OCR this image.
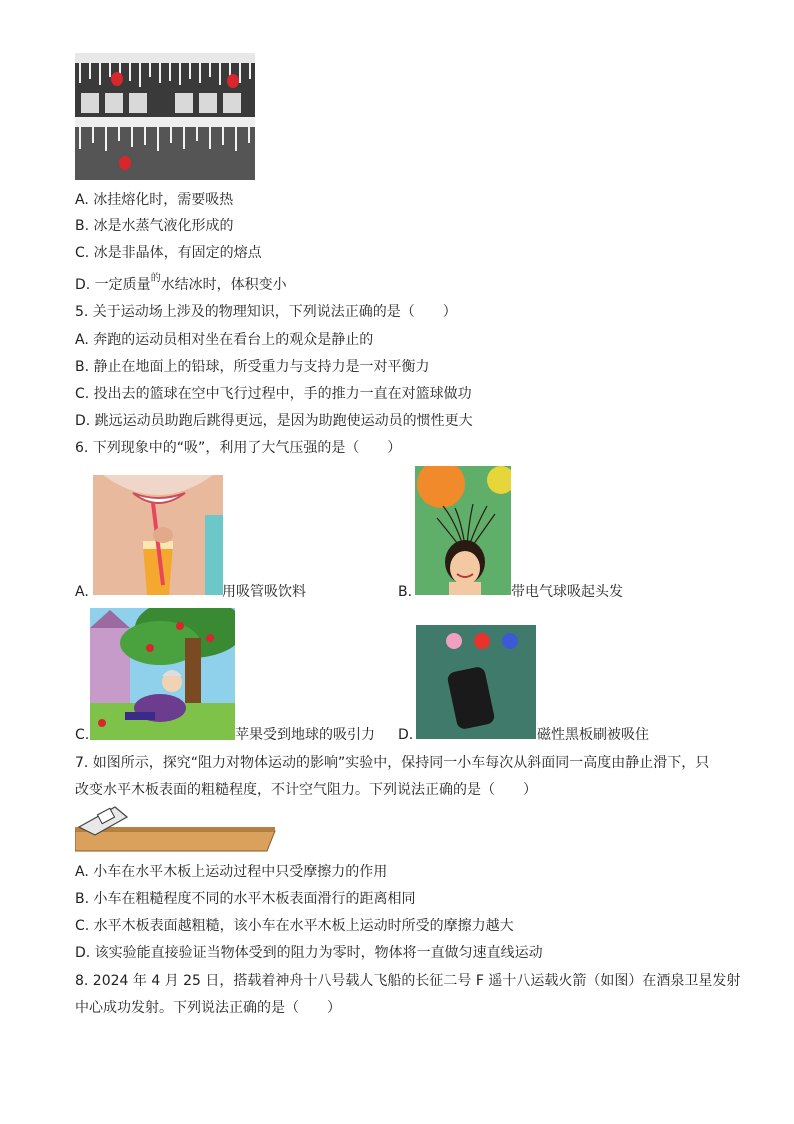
A. 冰挂熔化时，需要吸热
B. 冰是水蒸气液化形成的
C. 冰是非晶体，有固定的熔点
D. 一定质量$^的$水结冰时，体积变小
5. 关于运动场上涉及的物理知识，下列说法正确的是（　　）
A. 奔跑的运动员相对坐在看台上的观众是静止的
B. 静止在地面上的铅球，所受重力与支持力是一对平衡力
C. 投出去的篮球在空中飞行过程中，手的推力一直在对篮球做功
D. 跳远运动员助跑后跳得更远，是因为助跑使运动员的惯性更大
6. 下列现象中的“吸”，利用了大气压强的是（　　）
A.	用吸管吸饮料	B.	带电气球吸起头发
C.	苹果受到地球的吸引力 D.	磁性黑板刷被吸住
7. 如图所示，探究“阻力对物体运动的影响”实验中，保持同一小车每次从斜面同一高度由静止滑下，只
改变水平木板表面的粗糙程度，不计空气阻力。下列说法正确的是（　　）
A. 小车在水平木板上运动过程中只受摩擦力的作用
B. 小车在粗糙程度不同的水平木板表面滑行的距离相同
C. 水平木板表面越粗糙，该小车在水平木板上运动时所受的摩擦力越大
D. 该实验能直接验证当物体受到的阻力为零时，物体将一直做匀速直线运动
8. 2024 年 4 月 25 日，搭载着神舟十八号载人飞船的长征二号 F 遥十八运载火箭（如图）在酒泉卫星发射
中心成功发射。下列说法正确的是（　　）
